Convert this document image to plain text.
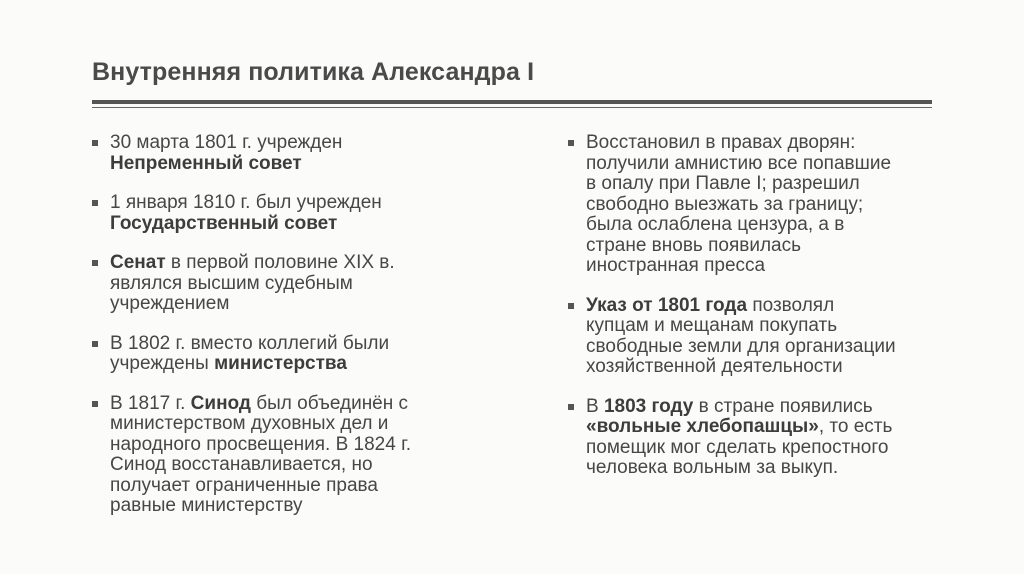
Внутренняя политика Александра I
30 марта 1801 г. учрежден
Непременный совет
1 января 1810 г. был учрежден
Государственный совет
Сенат в первой половине XIX в. являлся высшим судебным учреждением
В 1802 г. вместо коллегий были учреждены министерства
В 1817 г. Синод был объединён с министерством духовных дел и народного просвещения. В 1824 г. Синод восстанавливается, но получает ограниченные права равные министерству
Восстановил в правах дворян: получили амнистию все попавшие в опалу при Павле I; разрешил свободно выезжать за границу; была ослаблена цензура, а в стране вновь появилась иностранная пресса
Указ от 1801 года позволял купцам и мещанам покупать свободные земли для организации хозяйственной деятельности
В 1803 году в стране появились «вольные хлебопашцы», то есть помещик мог сделать крепостного человека вольным за выкуп.
